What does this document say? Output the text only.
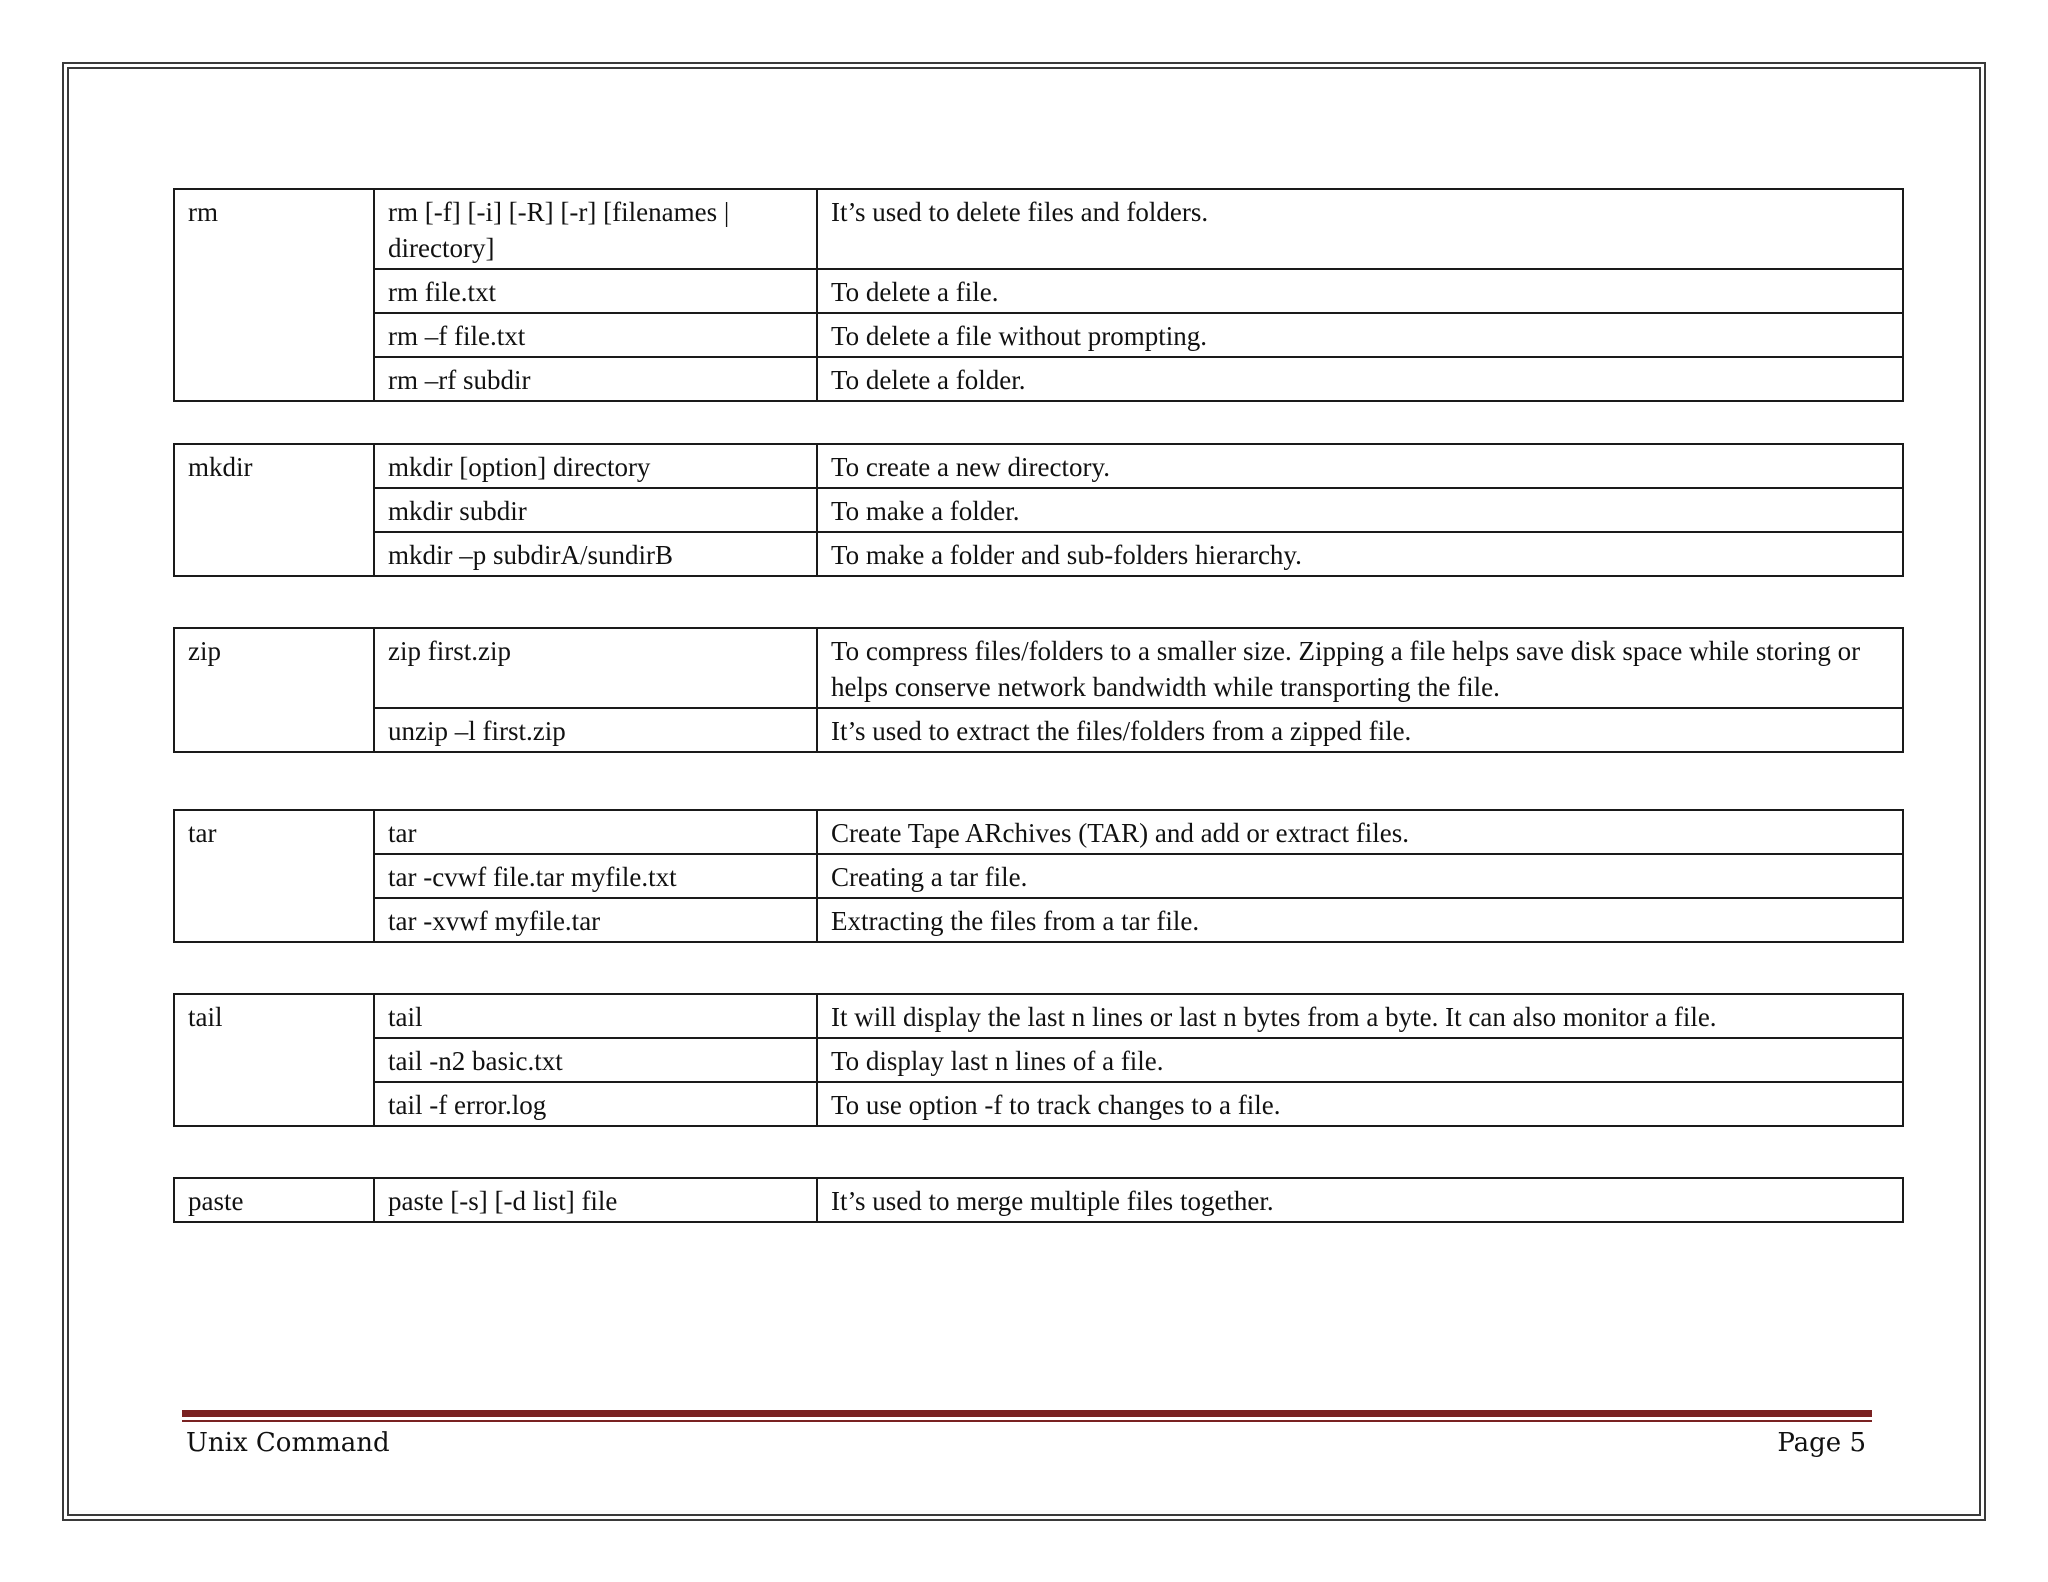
rm	rm [-f] [-i] [-R] [-r] [filenames | directory]	It’s used to delete files and folders.
	rm file.txt	To delete a file.
	rm –f file.txt	To delete a file without prompting.
	rm –rf subdir	To delete a folder.
mkdir	mkdir [option] directory	To create a new directory.
	mkdir subdir	To make a folder.
	mkdir –p subdirA/sundirB	To make a folder and sub-folders hierarchy.
zip	zip first.zip	To compress files/folders to a smaller size. Zipping a file helps save disk space while storing or helps conserve network bandwidth while transporting the file.
	unzip –l first.zip	It’s used to extract the files/folders from a zipped file.
tar	tar	Create Tape ARchives (TAR) and add or extract files.
	tar -cvwf file.tar myfile.txt	Creating a tar file.
	tar -xvwf myfile.tar	Extracting the files from a tar file.
tail	tail	It will display the last n lines or last n bytes from a byte. It can also monitor a file.
	tail -n2 basic.txt	To display last n lines of a file.
	tail -f error.log	To use option -f to track changes to a file.
paste	paste [-s] [-d list] file	It’s used to merge multiple files together.
Unix Command	Page 5
